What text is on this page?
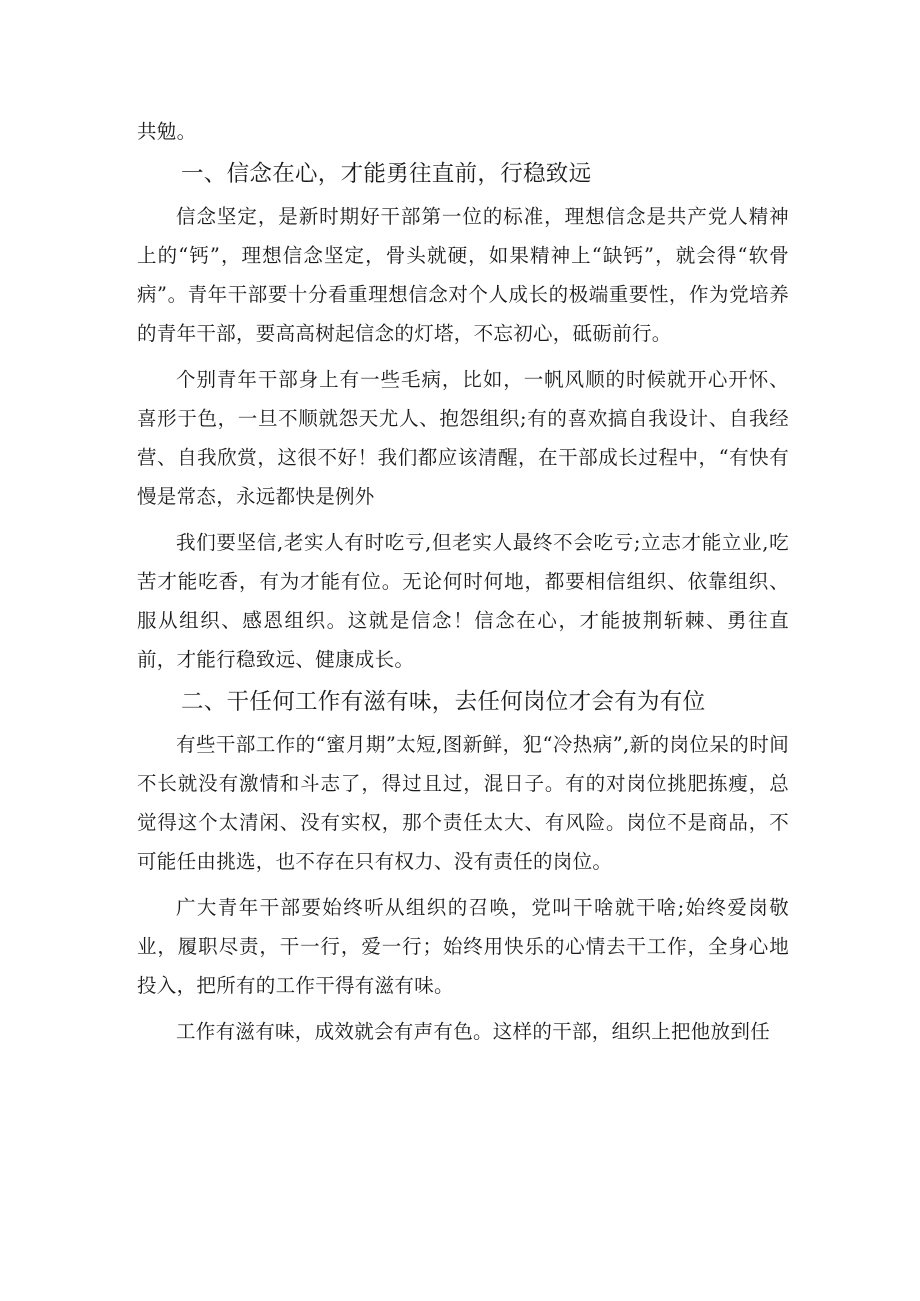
共勉。

一、信念在心，才能勇往直前，行稳致远

信念坚定，是新时期好干部第一位的标准，理想信念是共产党人精神上的“钙”，理想信念坚定，骨头就硬，如果精神上“缺钙”，就会得“软骨病”。青年干部要十分看重理想信念对个人成长的极端重要性，作为党培养的青年干部，要高高树起信念的灯塔，不忘初心，砥砺前行。

个别青年干部身上有一些毛病，比如，一帆风顺的时候就开心开怀、喜形于色，一旦不顺就怨天尤人、抱怨组织;有的喜欢搞自我设计、自我经营、自我欣赏，这很不好！我们都应该清醒，在干部成长过程中，“有快有慢是常态，永远都快是例外

我们要坚信,老实人有时吃亏,但老实人最终不会吃亏;立志才能立业,吃苦才能吃香，有为才能有位。无论何时何地，都要相信组织、依靠组织、服从组织、感恩组织。这就是信念！信念在心，才能披荆斩棘、勇往直前，才能行稳致远、健康成长。

二、干任何工作有滋有味，去任何岗位才会有为有位

有些干部工作的“蜜月期”太短,图新鲜，犯“冷热病”,新的岗位呆的时间不长就没有激情和斗志了，得过且过，混日子。有的对岗位挑肥拣瘦，总觉得这个太清闲、没有实权，那个责任太大、有风险。岗位不是商品，不可能任由挑选，也不存在只有权力、没有责任的岗位。

广大青年干部要始终听从组织的召唤，党叫干啥就干啥;始终爱岗敬业，履职尽责，干一行，爱一行；始终用快乐的心情去干工作，全身心地投入，把所有的工作干得有滋有味。

工作有滋有味，成效就会有声有色。这样的干部，组织上把他放到任
